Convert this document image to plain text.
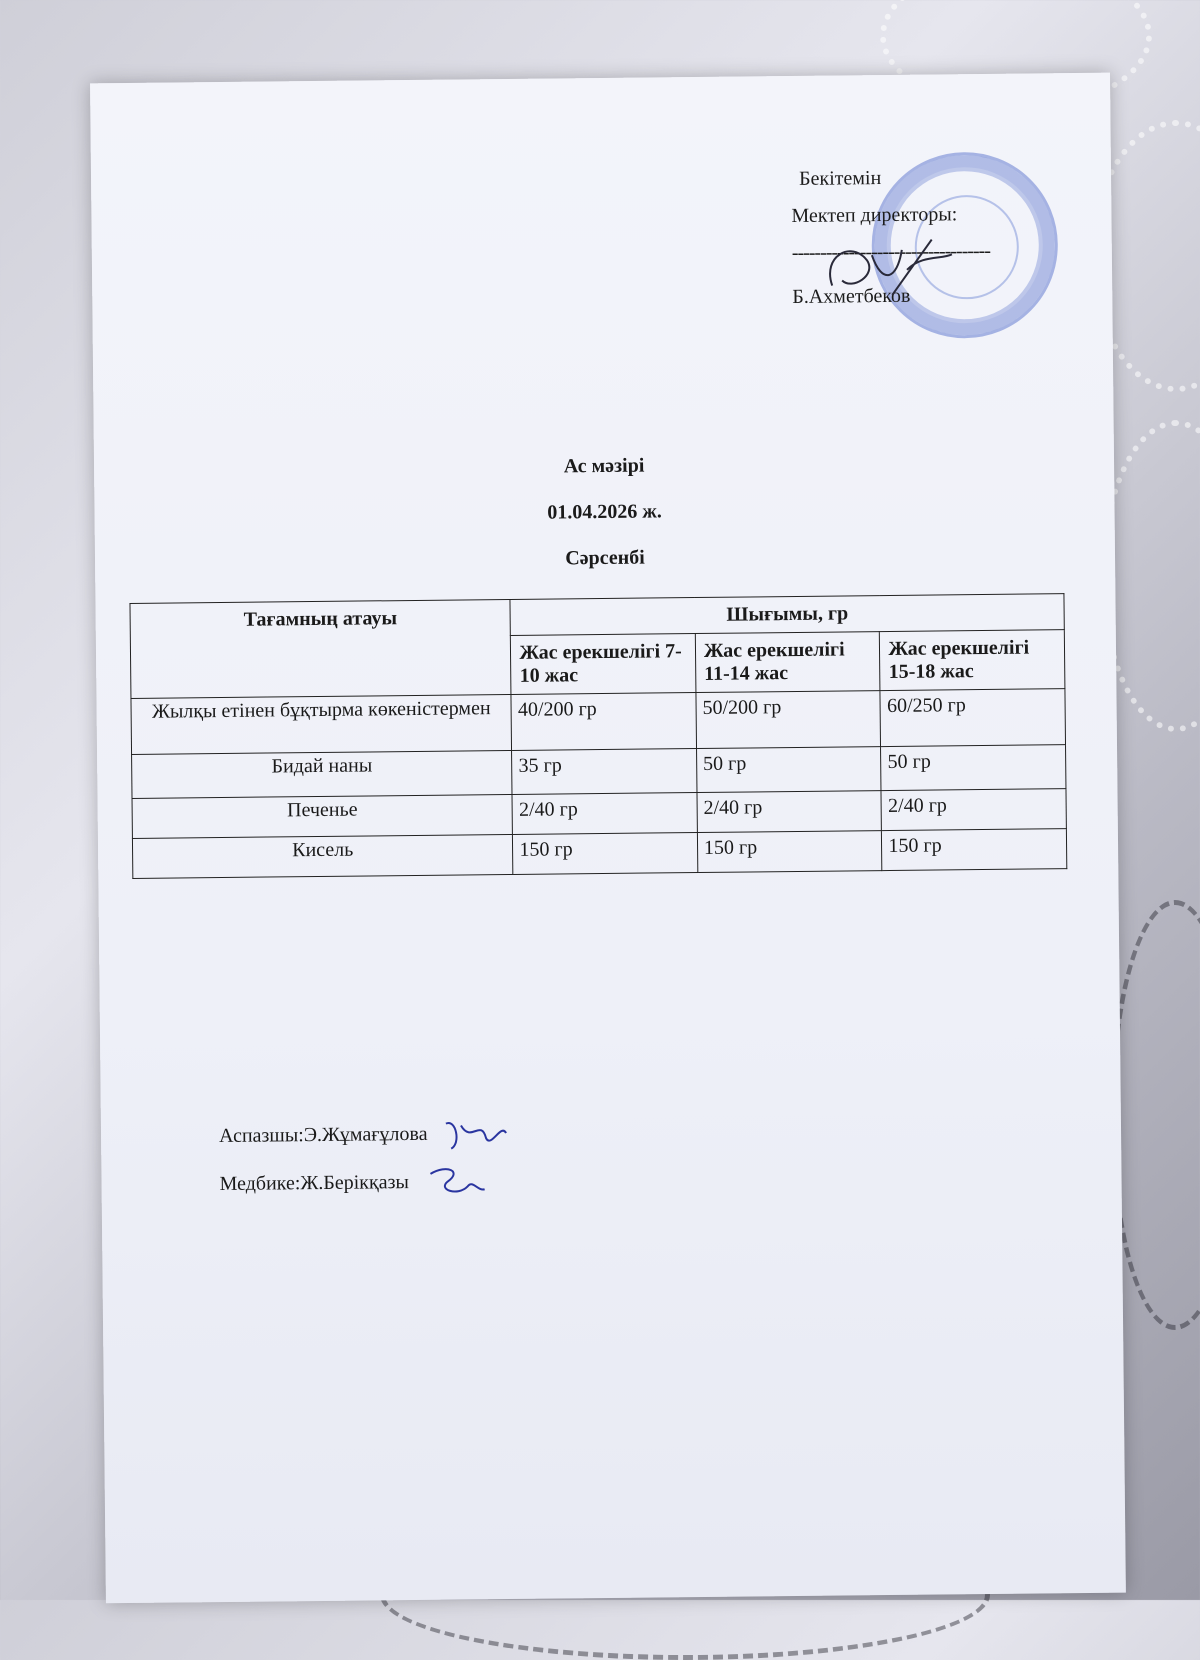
Бекітемін
Мектеп директоры:
-----------------------------------
Б.Ахметбеков
Ас мәзірі
01.04.2026 ж.
Сәрсенбі
Тағамның атауы	Шығымы, гр		
	Жас ерекшелігі 7-10 жас	Жас ерекшелігі 11-14 жас	Жас ерекшелігі 15-18 жас
Жылқы етінен бұқтырма көкеністермен	40/200 гр	50/200 гр	60/250 гр
Бидай наны	35 гр	50 гр	50 гр
Печенье	2/40 гр	2/40 гр	2/40 гр
Кисель	150 гр	150 гр	150 гр
Аспазшы:Э.Жұмағұлова
Медбике:Ж.Берікқазы
